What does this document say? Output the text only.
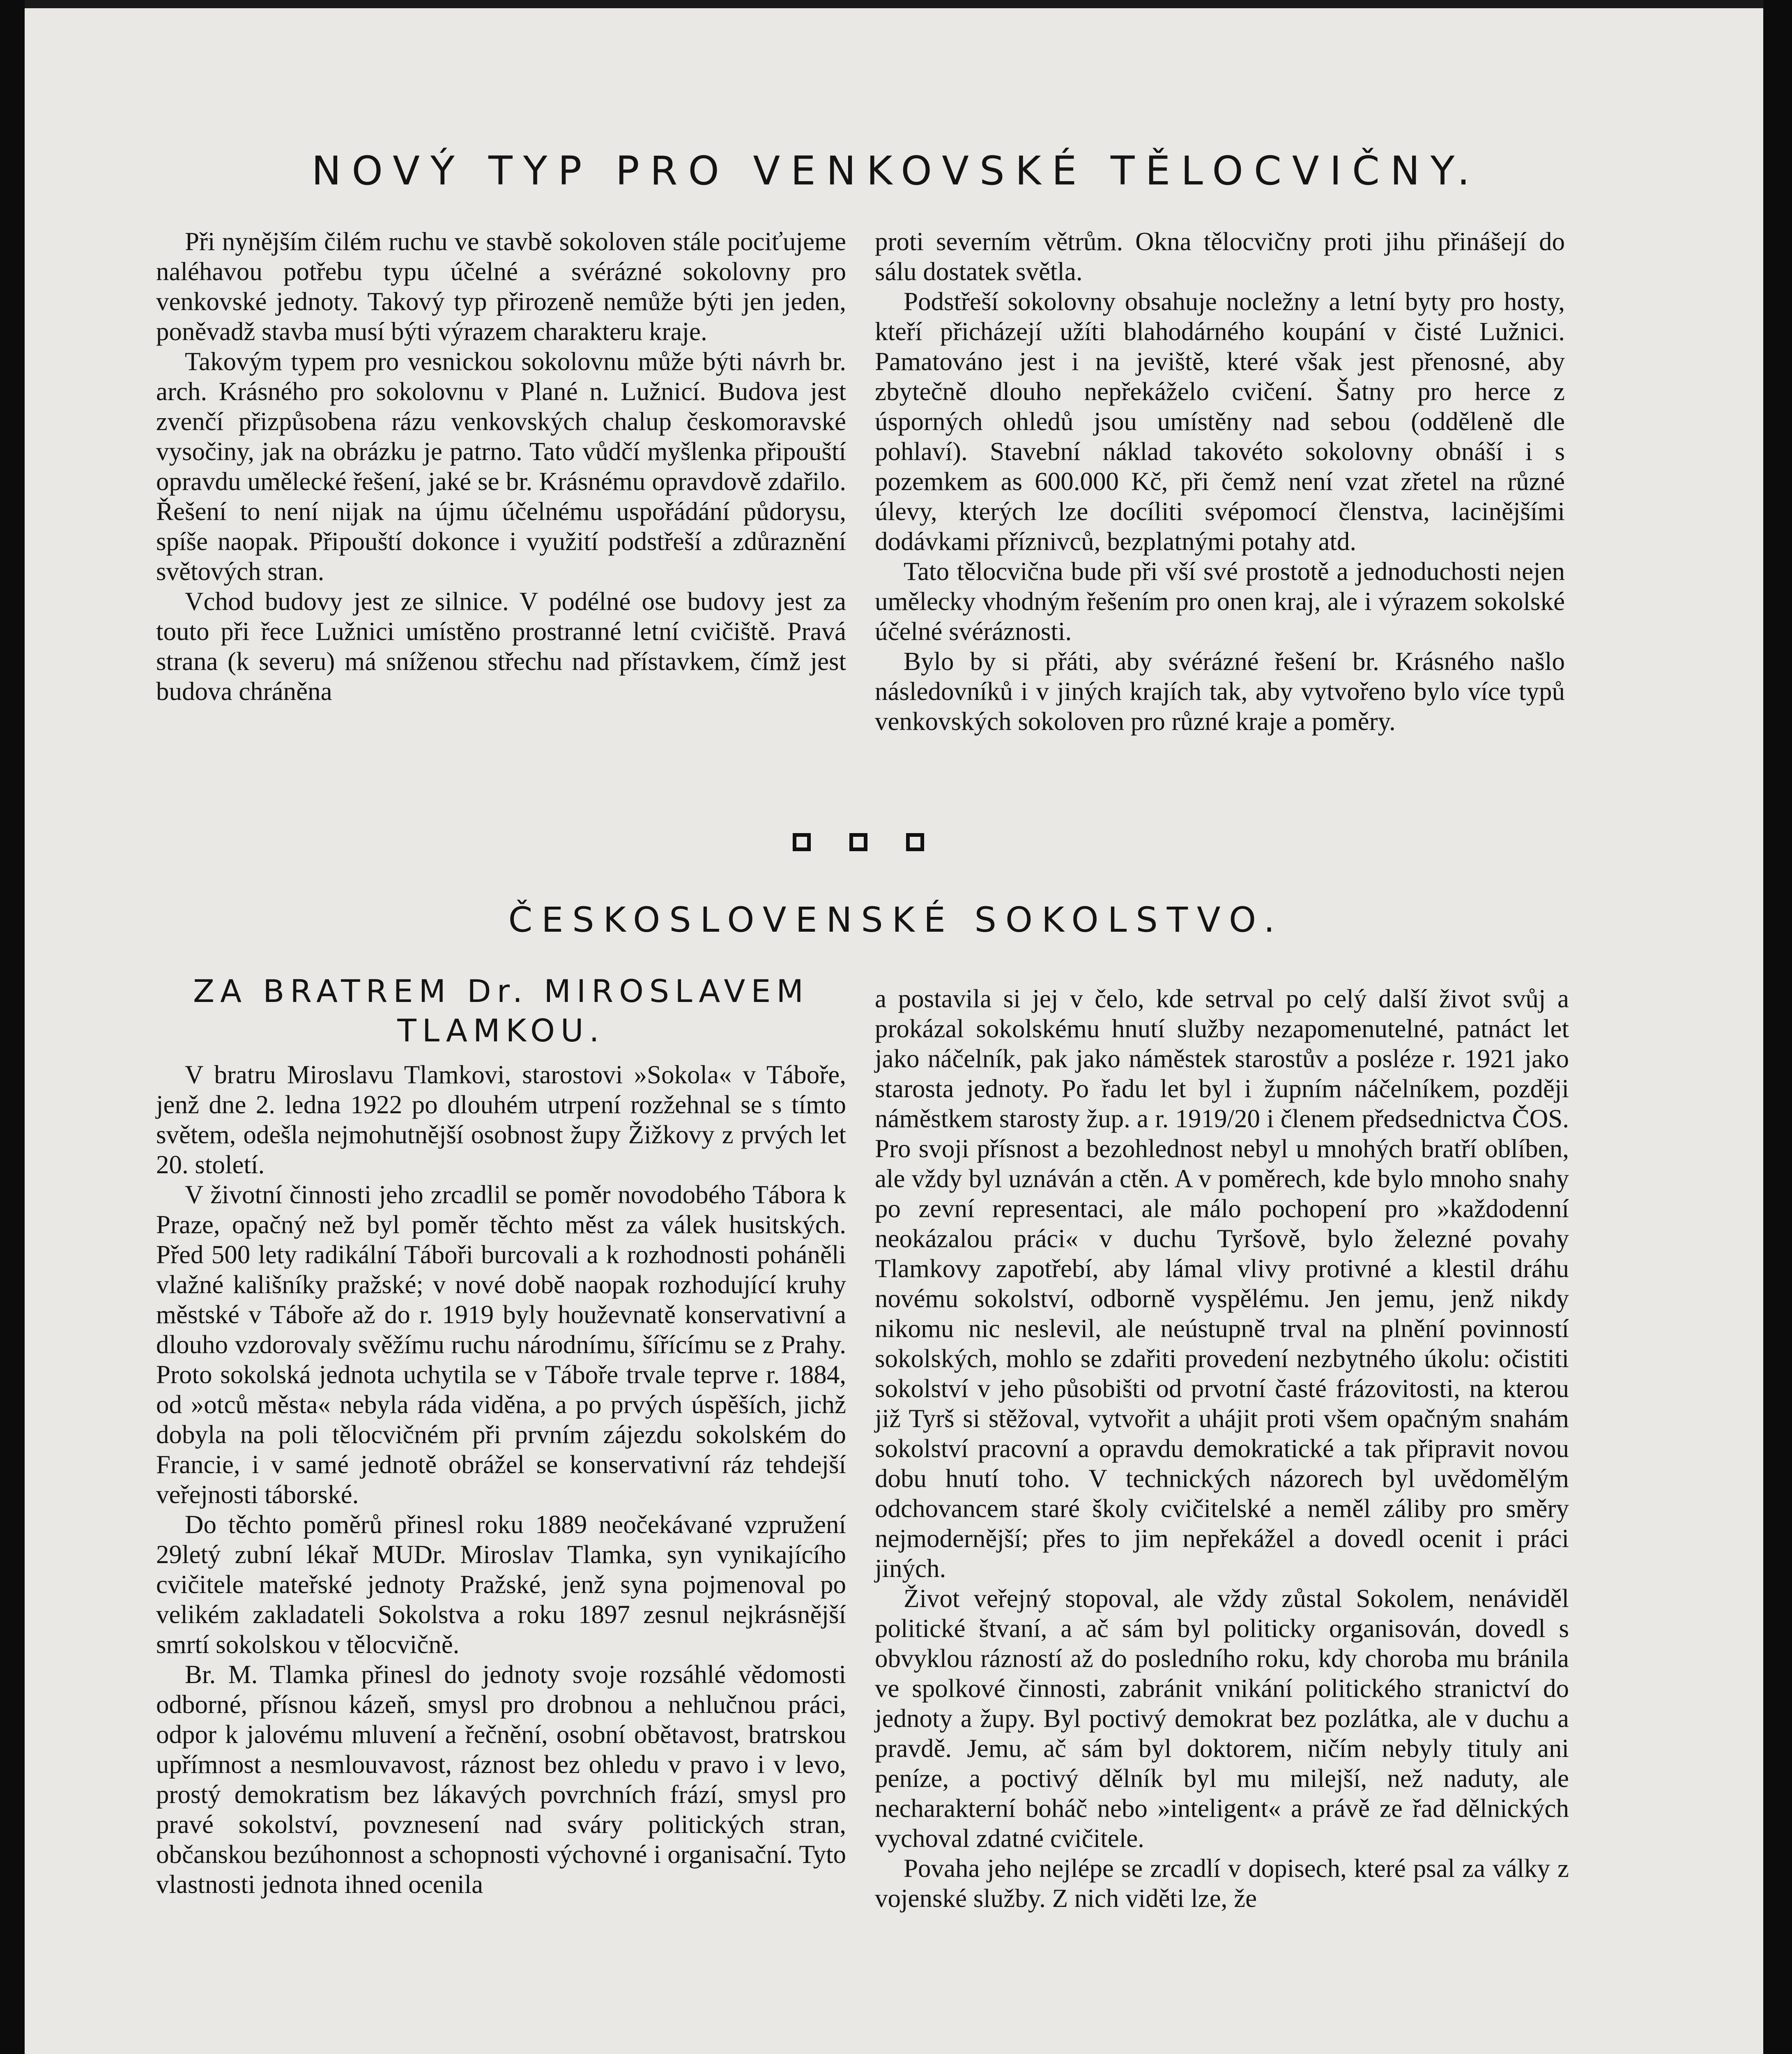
NOVÝ TYP PRO VENKOVSKÉ TĚLOCVIČNY.

Při nynějším čilém ruchu ve stavbě sokoloven stále pociťujeme naléhavou potřebu typu účelné a svérázné sokolovny pro venkovské jednoty. Takový typ přirozeně nemůže býti jen jeden, poněvadž stavba musí býti výrazem charakteru kraje.

Takovým typem pro vesnickou sokolovnu může býti návrh br. arch. Krásného pro sokolovnu v Plané n. Lužnicí. Budova jest zvenčí přizpůsobena rázu venkovských chalup českomoravské vysočiny, jak na obrázku je patrno. Tato vůdčí myšlenka připouští opravdu umělecké řešení, jaké se br. Krásnému opravdově zdařilo. Řešení to není nijak na újmu účelnému uspořádání půdorysu, spíše naopak. Připouští dokonce i využití podstřeší a zdůraznění světových stran.

Vchod budovy jest ze silnice. V podélné ose budovy jest za touto při řece Lužnici umístěno prostranné letní cvičiště. Pravá strana (k severu) má sníženou střechu nad přístavkem, čímž jest budova chráněna

proti severním větrům. Okna tělocvičny proti jihu přinášejí do sálu dostatek světla.

Podstřeší sokolovny obsahuje nocležny a letní byty pro hosty, kteří přicházejí užíti blahodárného koupání v čisté Lužnici. Pamatováno jest i na jeviště, které však jest přenosné, aby zbytečně dlouho nepřekáželo cvičení. Šatny pro herce z úsporných ohledů jsou umístěny nad sebou (odděleně dle pohlaví). Stavební náklad takovéto sokolovny obnáší i s pozemkem as 600.000 Kč, při čemž není vzat zřetel na různé úlevy, kterých lze docíliti svépomocí členstva, lacinějšími dodávkami příznivců, bezplatnými potahy atd.

Tato tělocvična bude při vší své prostotě a jednoduchosti nejen umělecky vhodným řešením pro onen kraj, ale i výrazem sokolské účelné svéráznosti.

Bylo by si přáti, aby svérázné řešení br. Krásného našlo následovníků i v jiných krajích tak, aby vytvořeno bylo více typů venkovských sokoloven pro různé kraje a poměry.

ČESKOSLOVENSKÉ SOKOLSTVO.
ZA BRATREM Dr. MIROSLAVEM TLAMKOU.

V bratru Miroslavu Tlamkovi, starostovi »Sokola« v Táboře, jenž dne 2. ledna 1922 po dlouhém utrpení rozžehnal se s tímto světem, odešla nejmohutnější osobnost župy Žižkovy z prvých let 20. století.

V životní činnosti jeho zrcadlil se poměr novodobého Tábora k Praze, opačný než byl poměr těchto měst za válek husitských. Před 500 lety radikální Táboři burcovali a k rozhodnosti poháněli vlažné kališníky pražské; v nové době naopak rozhodující kruhy městské v Táboře až do r. 1919 byly houževnatě konservativní a dlouho vzdorovaly svěžímu ruchu národnímu, šířícímu se z Prahy. Proto sokolská jednota uchytila se v Táboře trvale teprve r. 1884, od »otců města« nebyla ráda viděna, a po prvých úspěších, jichž dobyla na poli tělocvičném při prvním zájezdu sokolském do Francie, i v samé jednotě obrážel se konservativní ráz tehdejší veřejnosti táborské.

Do těchto poměrů přinesl roku 1889 neočekávané vzpružení 29letý zubní lékař MUDr. Miroslav Tlamka, syn vynikajícího cvičitele mateřské jednoty Pražské, jenž syna pojmenoval po velikém zakladateli Sokolstva a roku 1897 zesnul nejkrásnější smrtí sokolskou v tělocvičně.

Br. M. Tlamka přinesl do jednoty svoje rozsáhlé vědomosti odborné, přísnou kázeň, smysl pro drobnou a nehlučnou práci, odpor k jalovému mluvení a řečnění, osobní obětavost, bratrskou upřímnost a nesmlouvavost, ráznost bez ohledu v pravo i v levo, prostý demokratism bez lákavých povrchních frází, smysl pro pravé sokolství, povznesení nad sváry politických stran, občanskou bezúhonnost a schopnosti výchovné i organisační. Tyto vlastnosti jednota ihned ocenila

a postavila si jej v čelo, kde setrval po celý další život svůj a prokázal sokolskému hnutí služby nezapomenutelné, patnáct let jako náčelník, pak jako náměstek starostův a posléze r. 1921 jako starosta jednoty. Po řadu let byl i župním náčelníkem, později náměstkem starosty žup. a r. 1919/20 i členem předsednictva ČOS. Pro svoji přísnost a bezohlednost nebyl u mnohých bratří oblíben, ale vždy byl uznáván a ctěn. A v poměrech, kde bylo mnoho snahy po zevní representaci, ale málo pochopení pro »každodenní neokázalou práci« v duchu Tyršově, bylo železné povahy Tlamkovy zapotřebí, aby lámal vlivy protivné a klestil dráhu novému sokolství, odborně vyspělému. Jen jemu, jenž nikdy nikomu nic neslevil, ale neústupně trval na plnění povinností sokolských, mohlo se zdařiti provedení nezbytného úkolu: očistiti sokolství v jeho působišti od prvotní časté frázovitosti, na kterou již Tyrš si stěžoval, vytvořit a uhájit proti všem opačným snahám sokolství pracovní a opravdu demokratické a tak připravit novou dobu hnutí toho. V technických názorech byl uvědomělým odchovancem staré školy cvičitelské a neměl záliby pro směry nejmodernější; přes to jim nepřekážel a dovedl ocenit i práci jiných.

Život veřejný stopoval, ale vždy zůstal Sokolem, nenáviděl politické štvaní, a ač sám byl politicky organisován, dovedl s obvyklou rázností až do posledního roku, kdy choroba mu bránila ve spolkové činnosti, zabránit vnikání politického stranictví do jednoty a župy. Byl poctivý demokrat bez pozlátka, ale v duchu a pravdě. Jemu, ač sám byl doktorem, ničím nebyly tituly ani peníze, a poctivý dělník byl mu milejší, než naduty, ale necharakterní boháč nebo »inteligent« a právě ze řad dělnických vychoval zdatné cvičitele.

Povaha jeho nejlépe se zrcadlí v dopisech, které psal za války z vojenské služby. Z nich viděti lze, že
